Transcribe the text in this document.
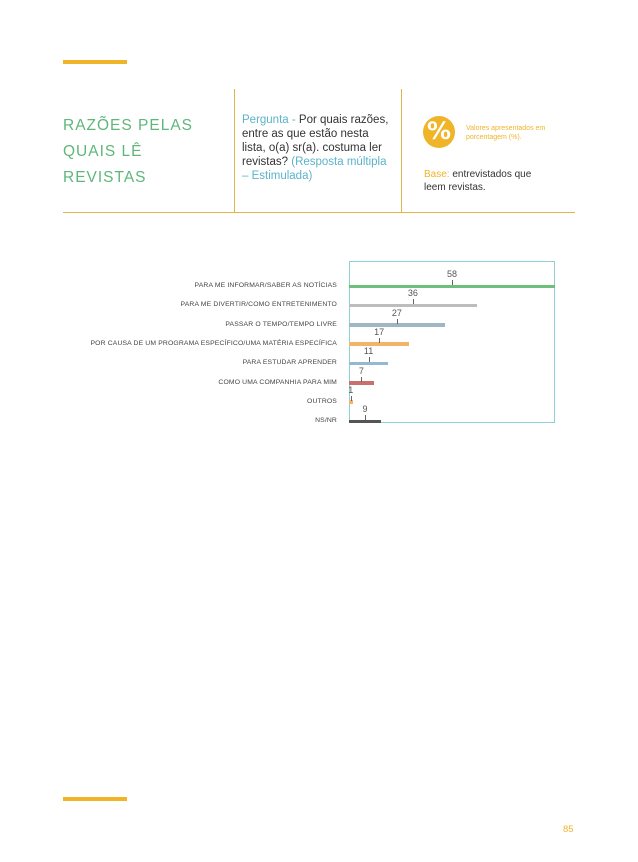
RAZÕES PELAS
QUAIS LÊ
REVISTAS
Pergunta - Por quais razões, entre as que estão nesta lista, o(a) sr(a). costuma ler revistas? (Resposta múltipla – Estimulada)
%	Valores apresentados em porcentagem (%).
Base: entrevistados que leem revistas.
PARA ME INFORMAR/SABER AS NOTÍCIAS
58
PARA ME DIVERTIR/COMO ENTRETENIMENTO
36
PASSAR O TEMPO/TEMPO LIVRE
27
POR CAUSA DE UM PROGRAMA ESPECÍFICO/UMA MATÉRIA ESPECÍFICA
17
PARA ESTUDAR APRENDER
11
COMO UMA COMPANHIA PARA MIM
7
OUTROS
1
NS/NR
9
85
